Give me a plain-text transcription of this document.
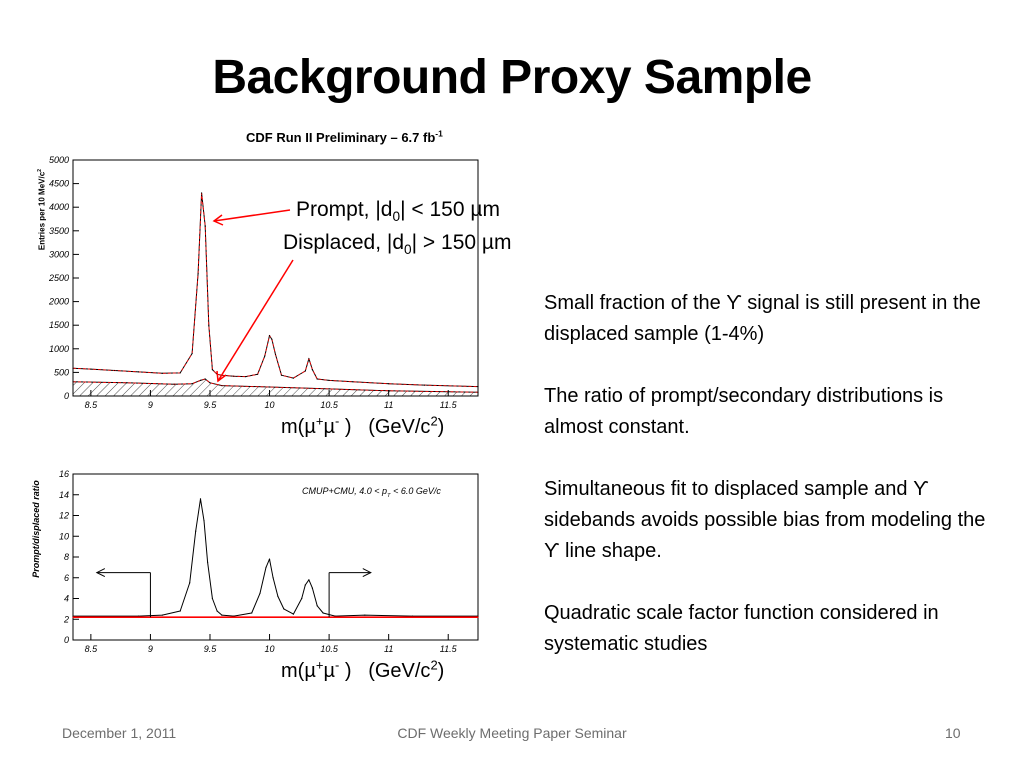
Background Proxy Sample
8.5	9	9.5	10	10.5	11	11.5
0
500
1000
1500
2000
2500
3000
3500
4000
4500
5000
8.5	9	9.5	10	10.5	11	11.5
0
2
4
6
8
10
12
14
16
CDF Run II Preliminary – 6.7 $fb^{-1}$
Entries per 10 MeV/$c^2$
CMUP+CMU, $4.0 < p_T < 6.0$ GeV/c
Prompt/displaced ratio
Prompt, $|d_0| < 150$ µm
Displaced, $|d_0| > 150$ µm
m(µ+µ- )   $(GeV/c^2)$
m(µ+µ- )   $(GeV/c^2)$

Small fraction of the ϒ signal is still present in the displaced sample (1-4%)

The ratio of prompt/secondary distributions is almost constant.

Simultaneous fit to displaced sample and ϒ sidebands avoids possible bias from modeling the ϒ line shape.

Quadratic scale factor function considered in systematic studies

December 1, 2011	CDF Weekly Meeting Paper Seminar	10
